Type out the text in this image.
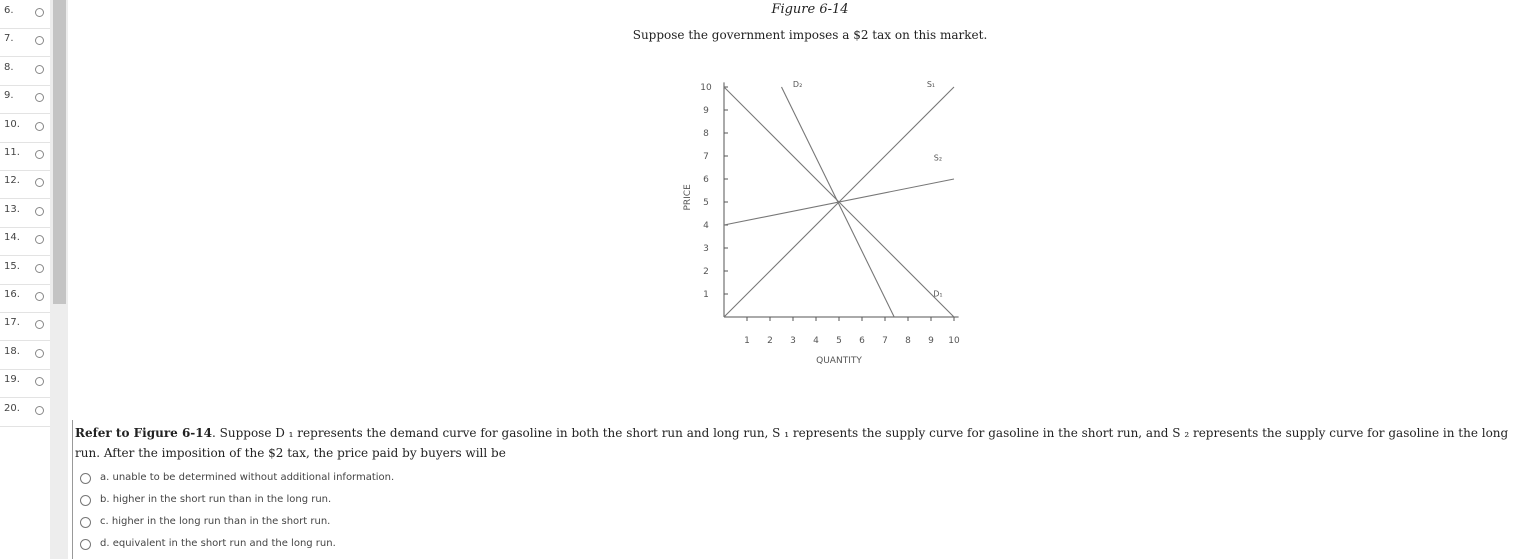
6.
7.
8.
9.
10.
11.
12.
13.
14.
15.
16.
17.
18.
19.
20.
Figure 6-14
Suppose the government imposes a $2 tax on this market.
1
2
3
4
5
6
7
8
9
10
1 2 3 4 5 6 7 8 9 10
PRICE
QUANTITY
D₁
D₂	S₁
S₂
Refer to Figure 6-14. Suppose D ₁ represents the demand curve for gasoline in both the short run and long run, S ₁ represents the supply curve for gasoline in the short run, and S ₂ represents the supply curve for gasoline in the long run. After the imposition of the $2 tax, the price paid by buyers will be
a. unable to be determined without additional information.
b. higher in the short run than in the long run.
c. higher in the long run than in the short run.
d. equivalent in the short run and the long run.
